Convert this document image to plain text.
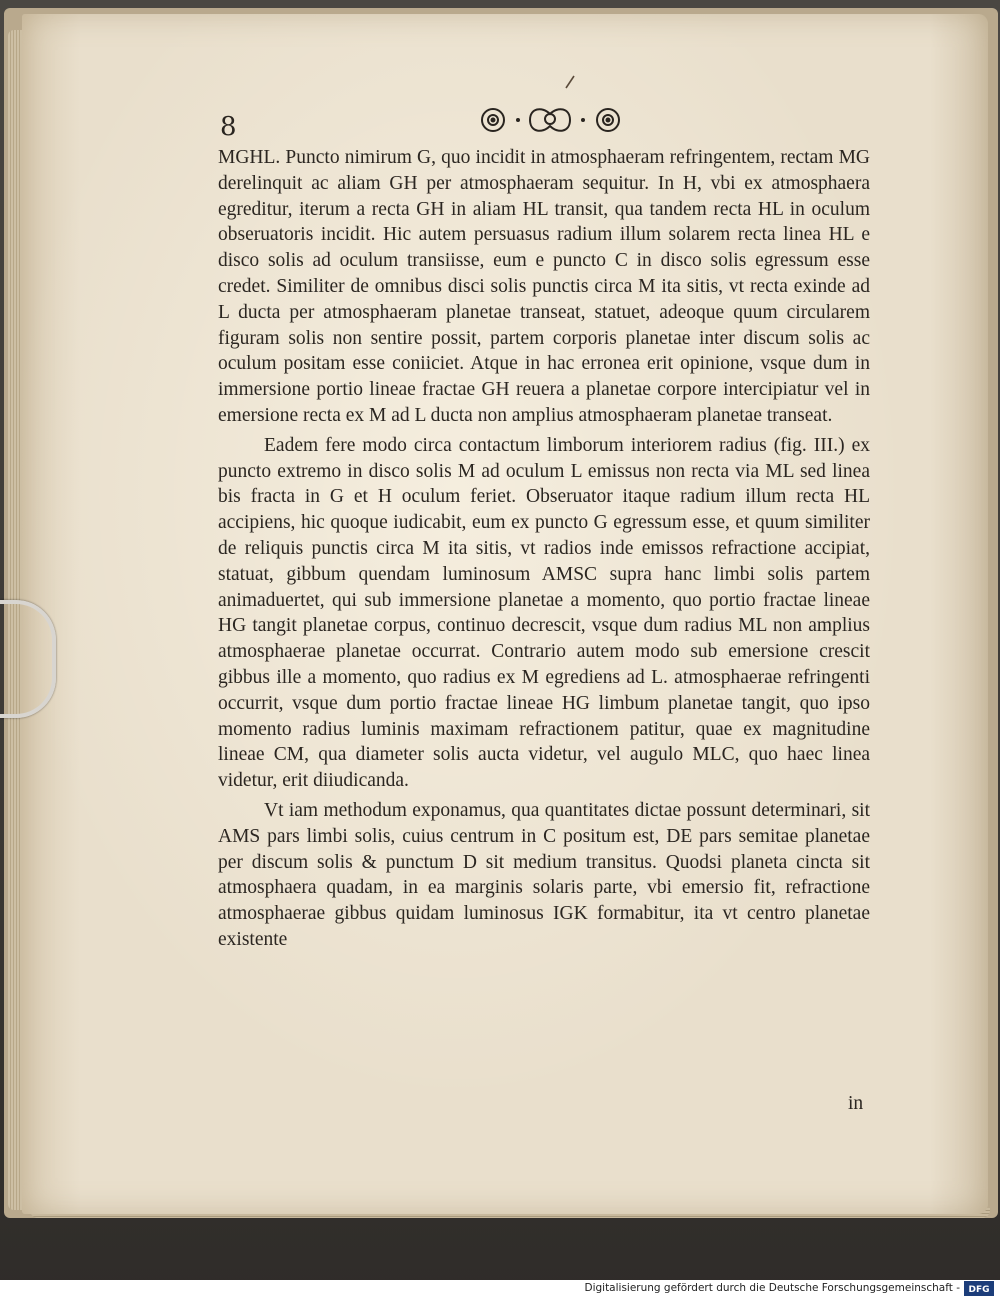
8

MGHL. Puncto nimirum G, quo incidit in atmosphaeram refringentem, rectam MG derelinquit ac aliam GH per atmosphaeram sequitur. In H, vbi ex atmosphaera egreditur, iterum a recta GH in aliam HL transit, qua tandem recta HL in oculum obseruatoris incidit. Hic autem persuasus radium illum solarem recta linea HL e disco solis ad oculum transiisse, eum e puncto C in disco solis egressum esse credet. Similiter de omnibus disci solis punctis circa M ita sitis, vt recta exinde ad L ducta per atmosphaeram planetae transeat, statuet, adeoque quum circularem figuram solis non sentire possit, partem corporis planetae inter discum solis ac oculum positam esse coniiciet. Atque in hac erronea erit opinione, vsque dum in immersione portio lineae fractae GH reuera a planetae corpore intercipiatur vel in emersione recta ex M ad L ducta non amplius atmosphaeram planetae transeat.

Eadem fere modo circa contactum limborum interiorem radius (fig. III.) ex puncto extremo in disco solis M ad oculum L emissus non recta via ML sed linea bis fracta in G et H oculum feriet. Obseruator itaque radium illum recta HL accipiens, hic quoque iudicabit, eum ex puncto G egressum esse, et quum similiter de reliquis punctis circa M ita sitis, vt radios inde emissos refractione accipiat, statuat, gibbum quendam luminosum AMSC supra hanc limbi solis partem animaduertet, qui sub immersione planetae a momento, quo portio fractae lineae HG tangit planetae corpus, continuo decrescit, vsque dum radius ML non amplius atmosphaerae planetae occurrat. Contrario autem modo sub emersione crescit gibbus ille a momento, quo radius ex M egrediens ad L. atmosphaerae refringenti occurrit, vsque dum portio fractae lineae HG limbum planetae tangit, quo ipso momento radius luminis maximam refractionem patitur, quae ex magnitudine lineae CM, qua diameter solis aucta videtur, vel augulo MLC, quo haec linea videtur, erit diiudicanda.

Vt iam methodum exponamus, qua quantitates dictae possunt determinari, sit AMS pars limbi solis, cuius centrum in C positum est, DE pars semitae planetae per discum solis & punctum D sit medium transitus. Quodsi planeta cincta sit atmosphaera quadam, in ea marginis solaris parte, vbi emersio fit, refractione atmosphaerae gibbus quidam luminosus IGK formabitur, ita vt centro planetae existente

in
Digitalisierung gefördert durch die Deutsche Forschungsgemeinschaft - DFG
